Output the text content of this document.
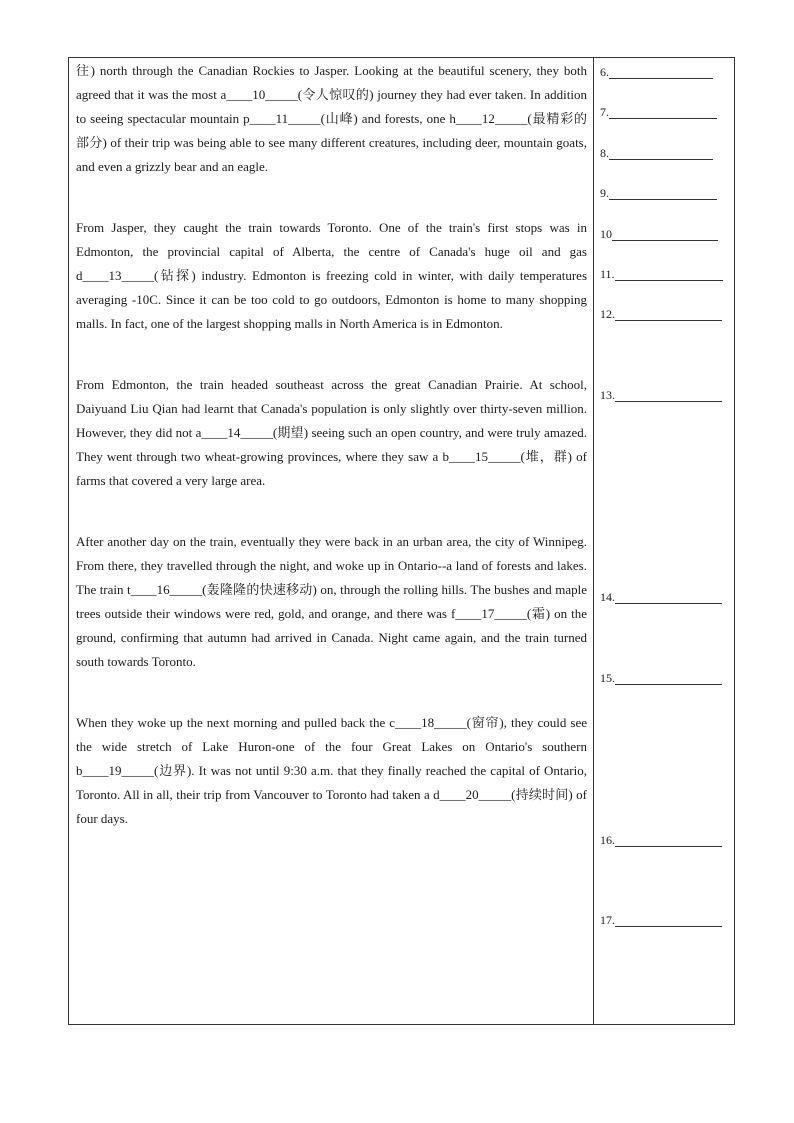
往) north through the Canadian Rockies to Jasper. Looking at the beautiful scenery, they both agreed that it was the most a____10_____(令人惊叹的) journey they had ever taken. In addition to seeing spectacular mountain p____11_____(山峰) and forests, one h____12_____(最精彩的部分) of their trip was being able to see many different creatures, including deer, mountain goats, and even a grizzly bear and an eagle.

From Jasper, they caught the train towards Toronto. One of the train's first stops was in Edmonton, the provincial capital of Alberta, the centre of Canada's huge oil and gas d____13_____(钻探) industry. Edmonton is freezing cold in winter, with daily temperatures averaging -10C. Since it can be too cold to go outdoors, Edmonton is home to many shopping malls. In fact, one of the largest shopping malls in North America is in Edmonton.

From Edmonton, the train headed southeast across the great Canadian Prairie. At school, Daiyuand Liu Qian had learnt that Canada's population is only slightly over thirty-seven million. However, they did not a____14_____(期望) seeing such an open country, and were truly amazed. They went through two wheat-growing provinces, where they saw a b____15_____(堆，群) of farms that covered a very large area.

After another day on the train, eventually they were back in an urban area, the city of Winnipeg. From there, they travelled through the night, and woke up in Ontario--a land of forests and lakes. The train t____16_____(轰隆隆的快速移动) on, through the rolling hills. The bushes and maple trees outside their windows were red, gold, and orange, and there was f____17_____(霜) on the ground, confirming that autumn had arrived in Canada. Night came again, and the train turned south towards Toronto.

When they woke up the next morning and pulled back the c____18_____(窗帘), they could see the wide stretch of Lake Huron-one of the four Great Lakes on Ontario's southern b____19_____(边界). It was not until 9:30 a.m. that they finally reached the capital of Ontario, Toronto. All in all, their trip from Vancouver to Toronto had taken a d____20_____(持续时间) of four days.

6.
7.
8.
9.
10
11.
12.
13.
14.
15.
16.
17.
